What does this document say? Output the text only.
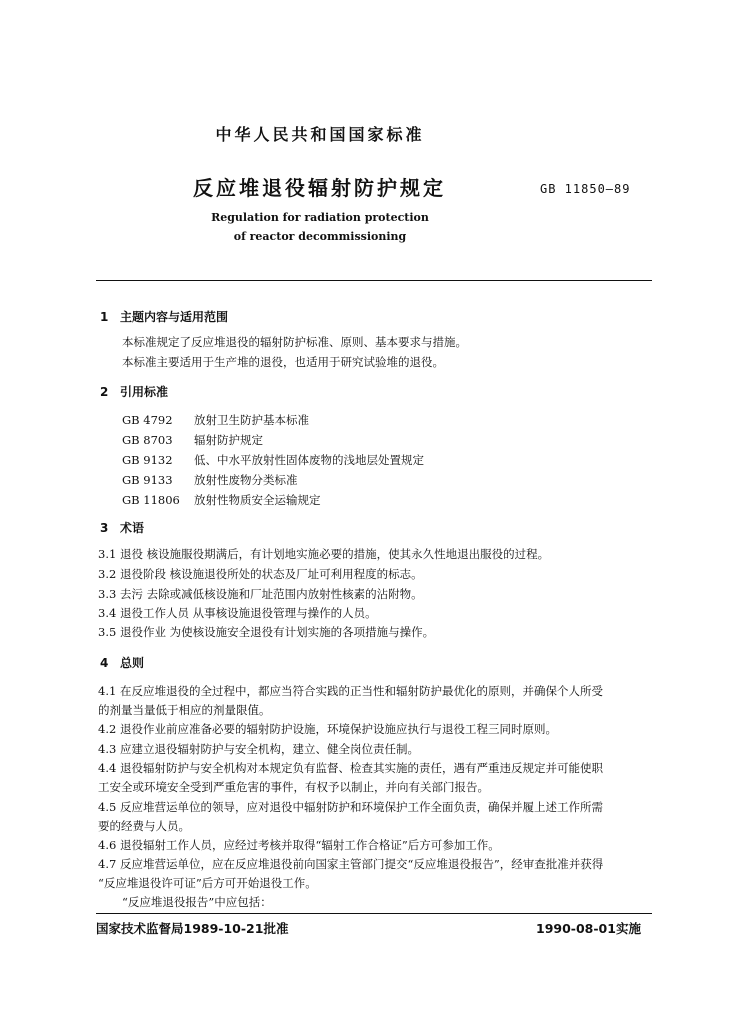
中华人民共和国国家标准
反应堆退役辐射防护规定	GB 11850—89
Regulation for radiation protection
of reactor decommissioning
1 主题内容与适用范围
本标准规定了反应堆退役的辐射防护标准、原则、基本要求与措施。
本标准主要适用于生产堆的退役，也适用于研究试验堆的退役。
2 引用标准
GB 4792 放射卫生防护基本标准
GB 8703 辐射防护规定
GB 9132 低、中水平放射性固体废物的浅地层处置规定
GB 9133 放射性废物分类标准
GB 11806 放射性物质安全运输规定
3 术语
3.1 退役 核设施服役期满后，有计划地实施必要的措施，使其永久性地退出服役的过程。
3.2 退役阶段 核设施退役所处的状态及厂址可利用程度的标志。
3.3 去污 去除或减低核设施和厂址范围内放射性核素的沾附物。
3.4 退役工作人员 从事核设施退役管理与操作的人员。
3.5 退役作业 为使核设施安全退役有计划实施的各项措施与操作。
4 总则
4.1 在反应堆退役的全过程中，都应当符合实践的正当性和辐射防护最优化的原则，并确保个人所受
的剂量当量低于相应的剂量限值。
4.2 退役作业前应准备必要的辐射防护设施，环境保护设施应执行与退役工程三同时原则。
4.3 应建立退役辐射防护与安全机构，建立、健全岗位责任制。
4.4 退役辐射防护与安全机构对本规定负有监督、检查其实施的责任，遇有严重违反规定并可能使职
工安全或环境安全受到严重危害的事件，有权予以制止，并向有关部门报告。
4.5 反应堆营运单位的领导，应对退役中辐射防护和环境保护工作全面负责，确保并履上述工作所需
要的经费与人员。
4.6 退役辐射工作人员，应经过考核并取得“辐射工作合格证”后方可参加工作。
4.7 反应堆营运单位，应在反应堆退役前向国家主管部门提交“反应堆退役报告”，经审查批准并获得
“反应堆退役许可证”后方可开始退役工作。
“反应堆退役报告”中应包括：
国家技术监督局1989-10-21批准	1990-08-01实施
